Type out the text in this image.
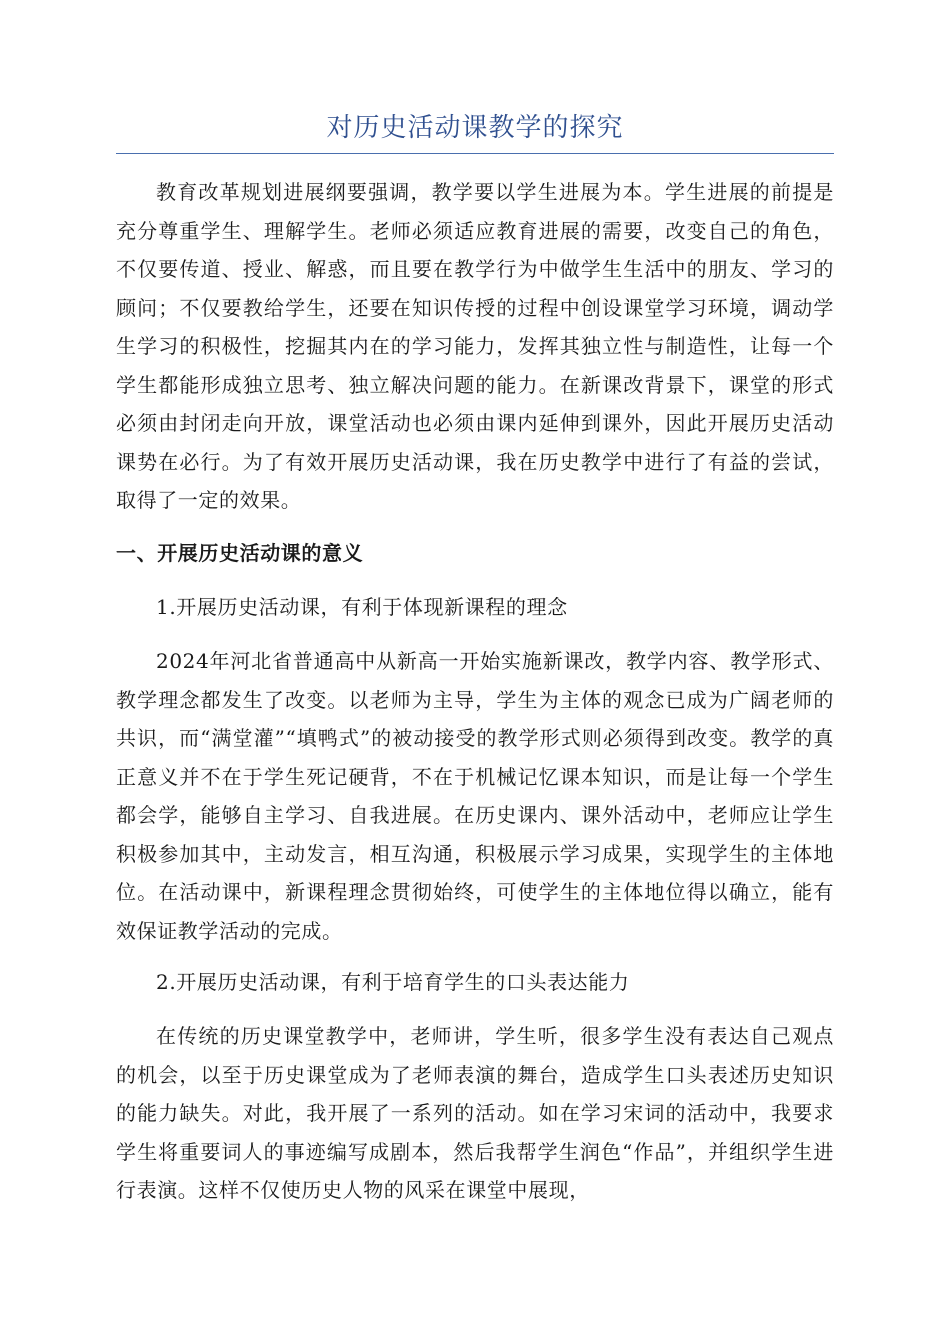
对历史活动课教学的探究

教育改革规划进展纲要强调，教学要以学生进展为本。学生进展的前提是充分尊重学生、理解学生。老师必须适应教育进展的需要，改变自己的角色，不仅要传道、授业、解惑，而且要在教学行为中做学生生活中的朋友、学习的顾问；不仅要教给学生，还要在知识传授的过程中创设课堂学习环境，调动学生学习的积极性，挖掘其内在的学习能力，发挥其独立性与制造性，让每一个学生都能形成独立思考、独立解决问题的能力。在新课改背景下，课堂的形式必须由封闭走向开放，课堂活动也必须由课内延伸到课外，因此开展历史活动课势在必行。为了有效开展历史活动课，我在历史教学中进行了有益的尝试，取得了一定的效果。

一、开展历史活动课的意义

1.开展历史活动课，有利于体现新课程的理念

2024年河北省普通高中从新高一开始实施新课改，教学内容、教学形式、教学理念都发生了改变。以老师为主导，学生为主体的观念已成为广阔老师的共识，而“满堂灌”“填鸭式”的被动接受的教学形式则必须得到改变。教学的真正意义并不在于学生死记硬背，不在于机械记忆课本知识，而是让每一个学生都会学，能够自主学习、自我进展。在历史课内、课外活动中，老师应让学生积极参加其中，主动发言，相互沟通，积极展示学习成果，实现学生的主体地位。在活动课中，新课程理念贯彻始终，可使学生的主体地位得以确立，能有效保证教学活动的完成。

2.开展历史活动课，有利于培育学生的口头表达能力

在传统的历史课堂教学中，老师讲，学生听，很多学生没有表达自己观点的机会，以至于历史课堂成为了老师表演的舞台，造成学生口头表述历史知识的能力缺失。对此，我开展了一系列的活动。如在学习宋词的活动中，我要求学生将重要词人的事迹编写成剧本，然后我帮学生润色“作品”，并组织学生进行表演。这样不仅使历史人物的风采在课堂中展现，
